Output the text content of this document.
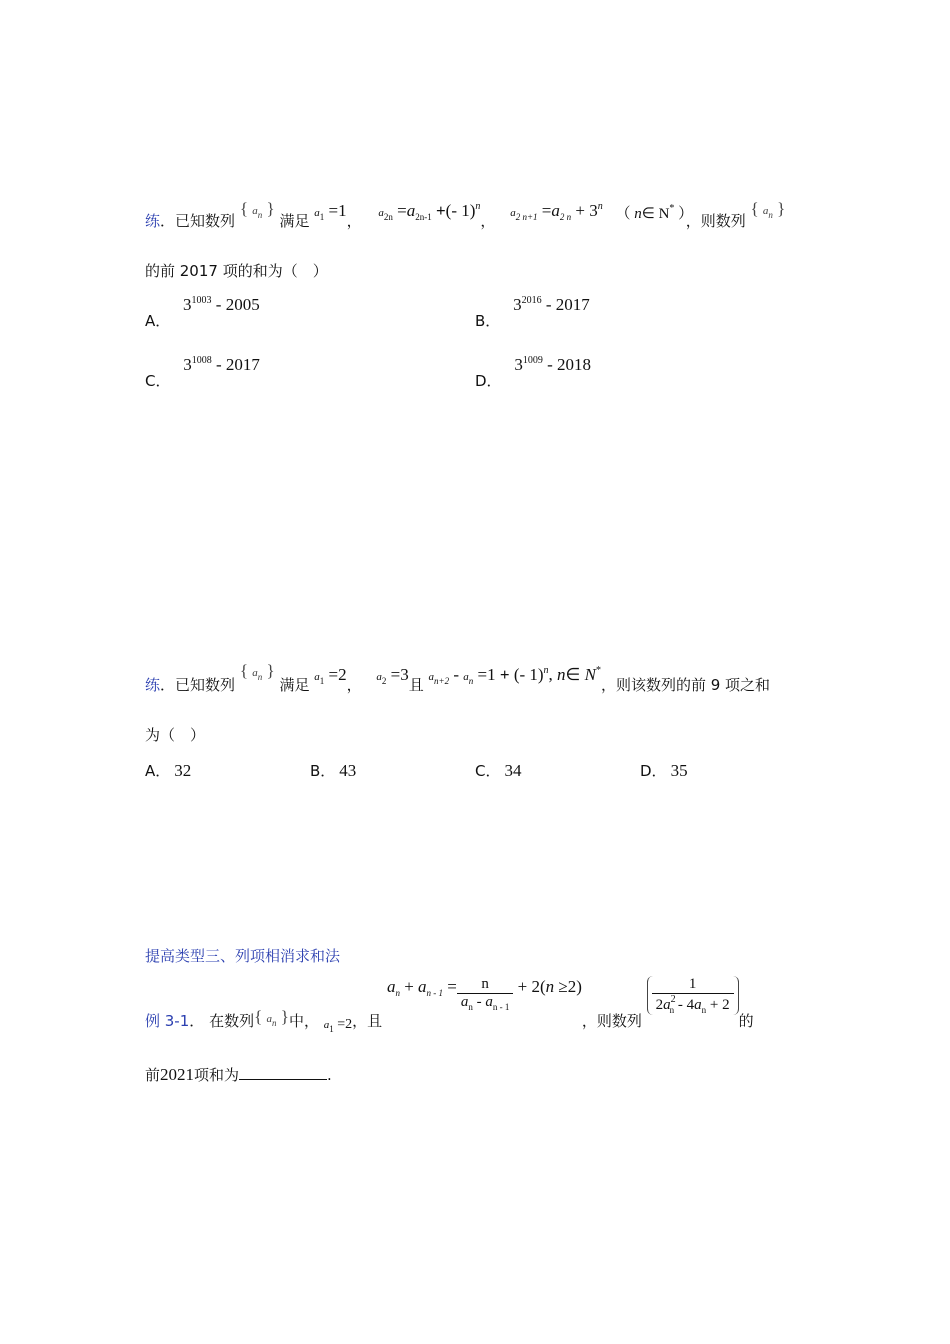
练．已知数列 { $a_n$ } 满足 $a_1 =1$， $a_{2n} =a_{2n-1}$ +(- 1)$^n$， $a_{2 n+1} =a_{2 n} + 3^n$ （ n∈ N* ），则数列 { $a_n$ }
的前 2017 项的和为（　）
A． $3^{1003} - 2005$
B． $3^{2016} - 2017$
C． $3^{1008} - 2017$
D． $3^{1009} - 2018$
练．已知数列 { $a_n$ } 满足 $a_1 =2$， $a_2 =3$且 $a_{n+2} - a_n =1$ + (- 1)$^n$, n∈ N*，则该数列的前 9 项之和
为（　）
A． 32	B． 43	C． 34	D． 35
提高类型三、列项相消求和法
例 3-1． 在数列{ $a_n$ }中， $a_1 =2$，且 $a_n + a_{n - 1} = \frac{n}{a_n - a_{n - 1}} + 2(n \ge 2)$，则数列
$\frac{1}{2a^2_n - 4a_n + 2}$
的
前2021项和为	.
